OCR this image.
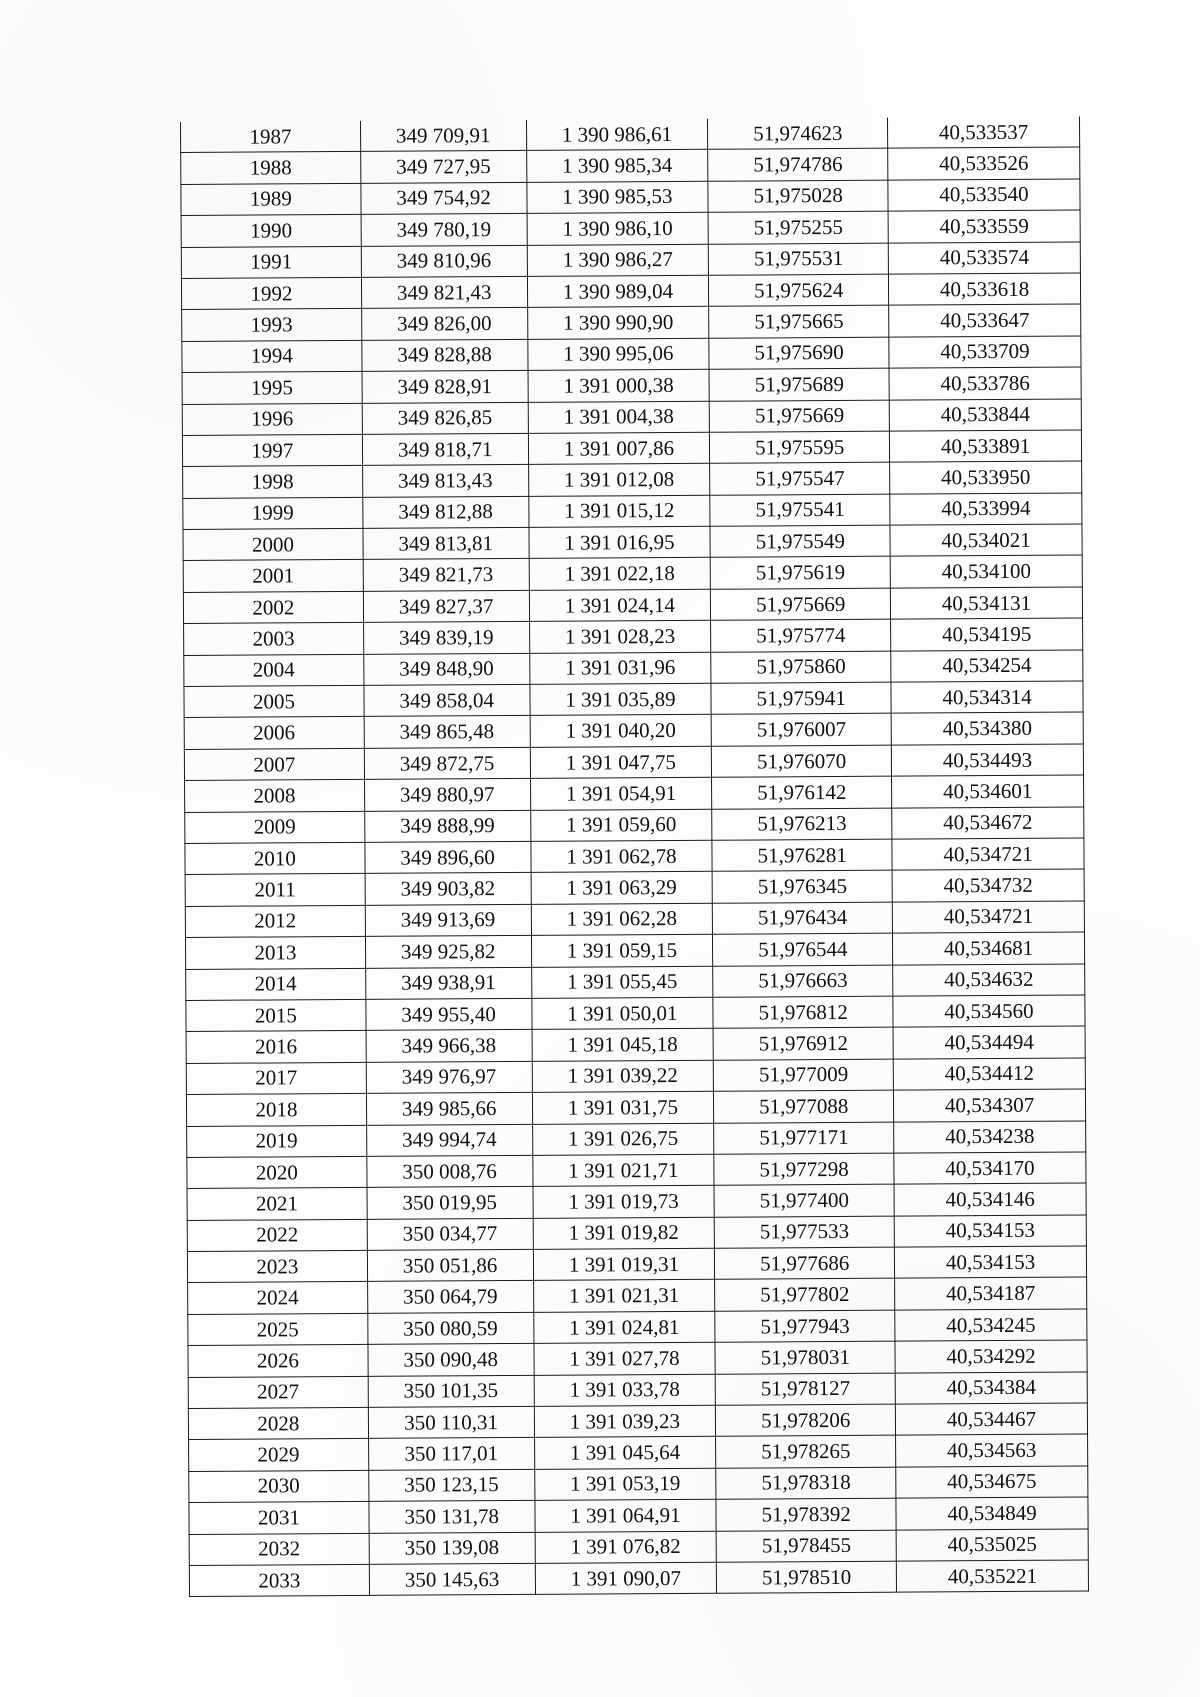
1987	349 709,91	1 390 986,61	51,974623	40,533537
1988	349 727,95	1 390 985,34	51,974786	40,533526
1989	349 754,92	1 390 985,53	51,975028	40,533540
1990	349 780,19	1 390 986,10	51,975255	40,533559
1991	349 810,96	1 390 986,27	51,975531	40,533574
1992	349 821,43	1 390 989,04	51,975624	40,533618
1993	349 826,00	1 390 990,90	51,975665	40,533647
1994	349 828,88	1 390 995,06	51,975690	40,533709
1995	349 828,91	1 391 000,38	51,975689	40,533786
1996	349 826,85	1 391 004,38	51,975669	40,533844
1997	349 818,71	1 391 007,86	51,975595	40,533891
1998	349 813,43	1 391 012,08	51,975547	40,533950
1999	349 812,88	1 391 015,12	51,975541	40,533994
2000	349 813,81	1 391 016,95	51,975549	40,534021
2001	349 821,73	1 391 022,18	51,975619	40,534100
2002	349 827,37	1 391 024,14	51,975669	40,534131
2003	349 839,19	1 391 028,23	51,975774	40,534195
2004	349 848,90	1 391 031,96	51,975860	40,534254
2005	349 858,04	1 391 035,89	51,975941	40,534314
2006	349 865,48	1 391 040,20	51,976007	40,534380
2007	349 872,75	1 391 047,75	51,976070	40,534493
2008	349 880,97	1 391 054,91	51,976142	40,534601
2009	349 888,99	1 391 059,60	51,976213	40,534672
2010	349 896,60	1 391 062,78	51,976281	40,534721
2011	349 903,82	1 391 063,29	51,976345	40,534732
2012	349 913,69	1 391 062,28	51,976434	40,534721
2013	349 925,82	1 391 059,15	51,976544	40,534681
2014	349 938,91	1 391 055,45	51,976663	40,534632
2015	349 955,40	1 391 050,01	51,976812	40,534560
2016	349 966,38	1 391 045,18	51,976912	40,534494
2017	349 976,97	1 391 039,22	51,977009	40,534412
2018	349 985,66	1 391 031,75	51,977088	40,534307
2019	349 994,74	1 391 026,75	51,977171	40,534238
2020	350 008,76	1 391 021,71	51,977298	40,534170
2021	350 019,95	1 391 019,73	51,977400	40,534146
2022	350 034,77	1 391 019,82	51,977533	40,534153
2023	350 051,86	1 391 019,31	51,977686	40,534153
2024	350 064,79	1 391 021,31	51,977802	40,534187
2025	350 080,59	1 391 024,81	51,977943	40,534245
2026	350 090,48	1 391 027,78	51,978031	40,534292
2027	350 101,35	1 391 033,78	51,978127	40,534384
2028	350 110,31	1 391 039,23	51,978206	40,534467
2029	350 117,01	1 391 045,64	51,978265	40,534563
2030	350 123,15	1 391 053,19	51,978318	40,534675
2031	350 131,78	1 391 064,91	51,978392	40,534849
2032	350 139,08	1 391 076,82	51,978455	40,535025
2033	350 145,63	1 391 090,07	51,978510	40,535221
